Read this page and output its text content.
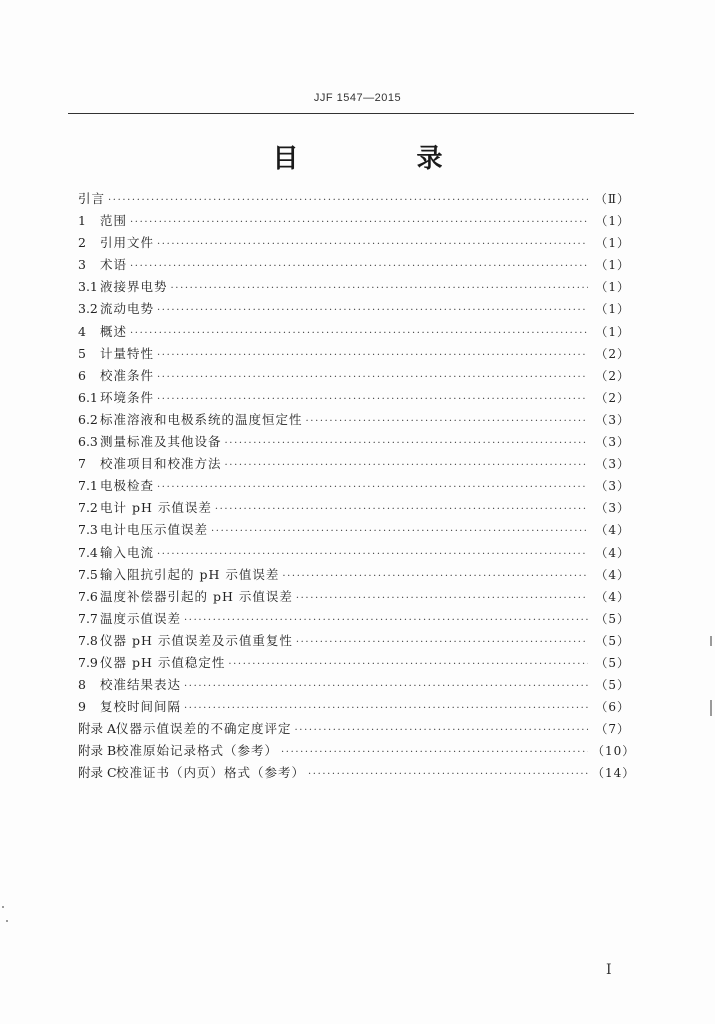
JJF 1547—2015
目　录
引言 ·····	（Ⅱ）
1	范围 ·····	（1）
2	引用文件 ·····	（1）
3	术语 ·····	（1）
3.1 液接界电势 ·····	（1）
3.2 流动电势 ·····	（1）
4	概述 ·····	（1）
5	计量特性 ·····	（2）
6	校准条件 ·····	（2）
6.1 环境条件 ·····	（2）
6.2 标准溶液和电极系统的温度恒定性 ·····	（3）
6.3 测量标准及其他设备 ·····	（3）
7	校准项目和校准方法 ·····	（3）
7.1 电极检查 ·····	（3）
7.2 电计 pH 示值误差 ·····	（3）
7.3 电计电压示值误差 ·····	（4）
7.4 输入电流 ·····	（4）
7.5 输入阻抗引起的 pH 示值误差 ·····	（4）
7.6 温度补偿器引起的 pH 示值误差 ·····	（4）
7.7 温度示值误差 ·····	（5）
7.8 仪器 pH 示值误差及示值重复性 ·····	（5）
7.9 仪器 pH 示值稳定性 ·····	（5）
8	校准结果表达 ·····	（5）
9	复校时间间隔 ·····	（6）
附录 A 仪器示值误差的不确定度评定 ·····	（7）
附录 B 校准原始记录格式（参考） ·····	（10）
附录 C 校准证书（内页）格式（参考） ·····	（14）
I
